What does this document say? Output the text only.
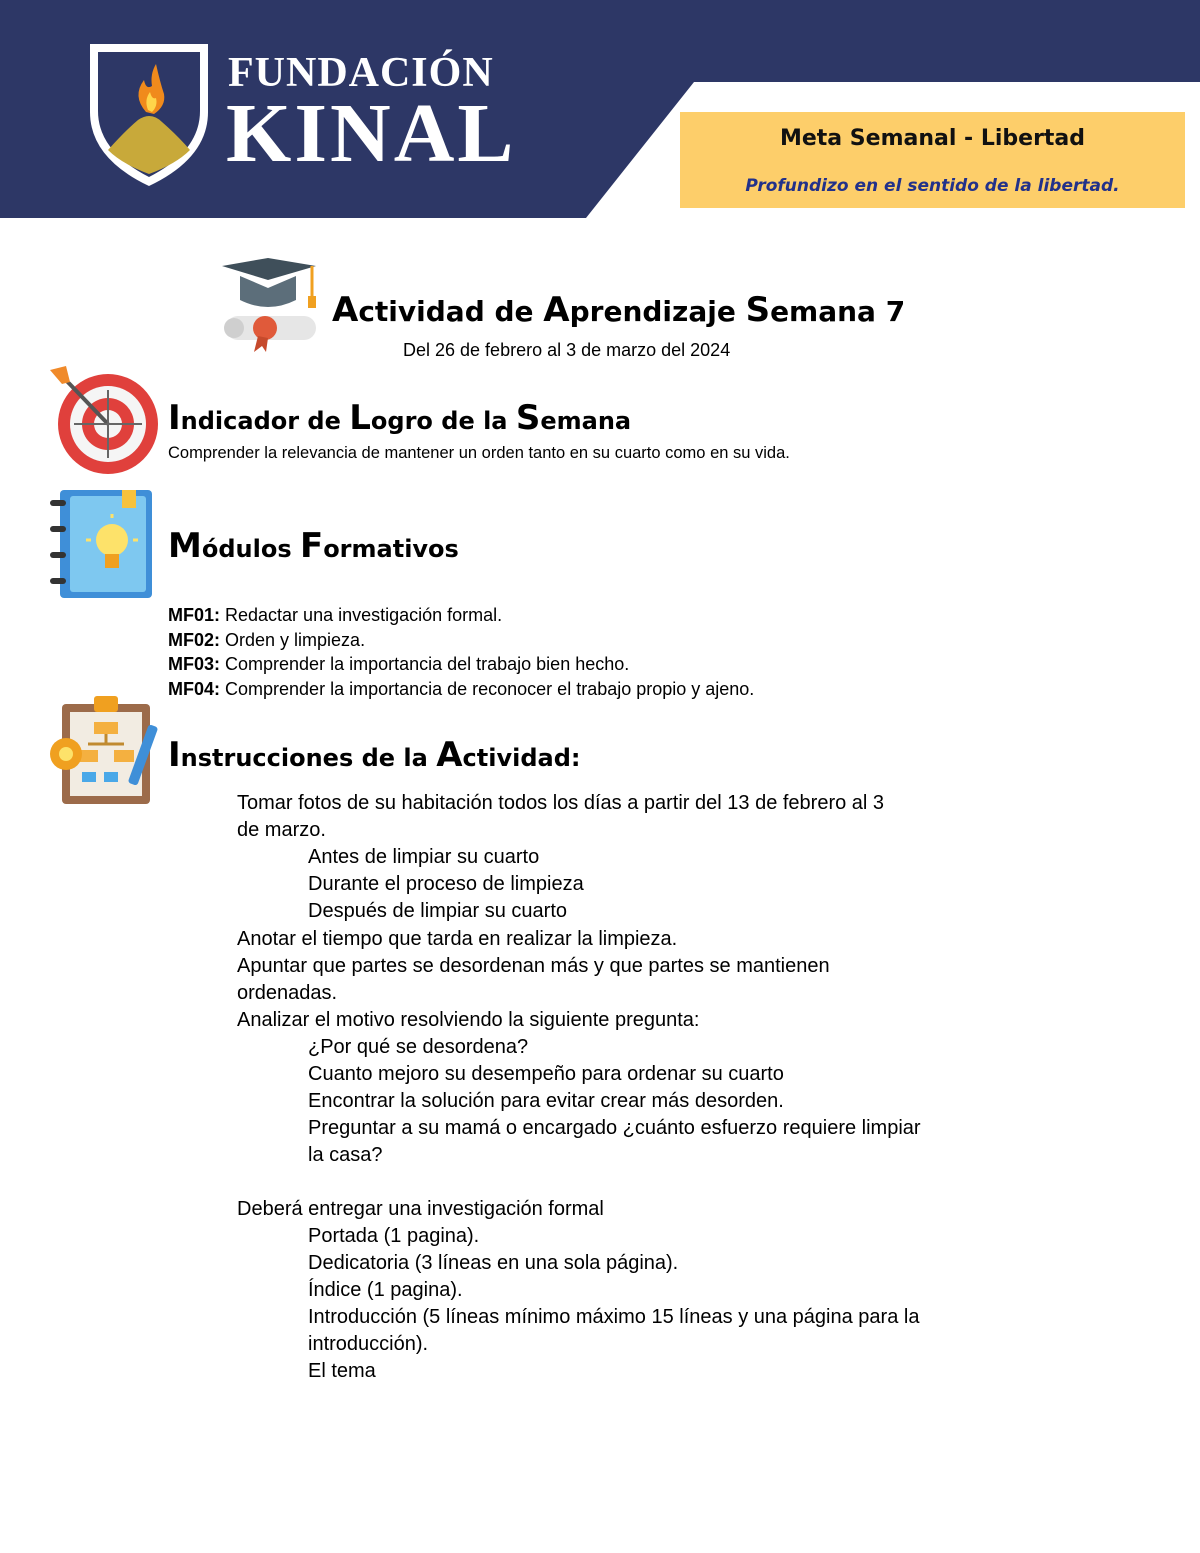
FUNDACIÓN
KINAL	Meta Semanal - Libertad
Profundizo en el sentido de la libertad.
Actividad de Aprendizaje Semana 7
Del 26 de febrero al 3 de marzo del 2024
Indicador de Logro de la Semana
Comprender la relevancia de mantener un orden tanto en su cuarto como en su vida.
Módulos Formativos
MF01: Redactar una investigación formal.
MF02: Orden y limpieza.
MF03: Comprender la importancia del trabajo bien hecho.
MF04: Comprender la importancia de reconocer el trabajo propio y ajeno.
Instrucciones de la Actividad:
Tomar fotos de su habitación todos los días a partir del 13 de febrero al 3
de marzo.
Antes de limpiar su cuarto
Durante el proceso de limpieza
Después de limpiar su cuarto
Anotar el tiempo que tarda en realizar la limpieza.
Apuntar que partes se desordenan más y que partes se mantienen
ordenadas.
Analizar el motivo resolviendo la siguiente pregunta:
¿Por qué se desordena?
Cuanto mejoro su desempeño para ordenar su cuarto
Encontrar la solución para evitar crear más desorden.
Preguntar a su mamá o encargado ¿cuánto esfuerzo requiere limpiar
la casa?
Deberá entregar una investigación formal
Portada (1 pagina).
Dedicatoria (3 líneas en una sola página).
Índice (1 pagina).
Introducción (5 líneas mínimo máximo 15 líneas y una página para la
introducción).
El tema
